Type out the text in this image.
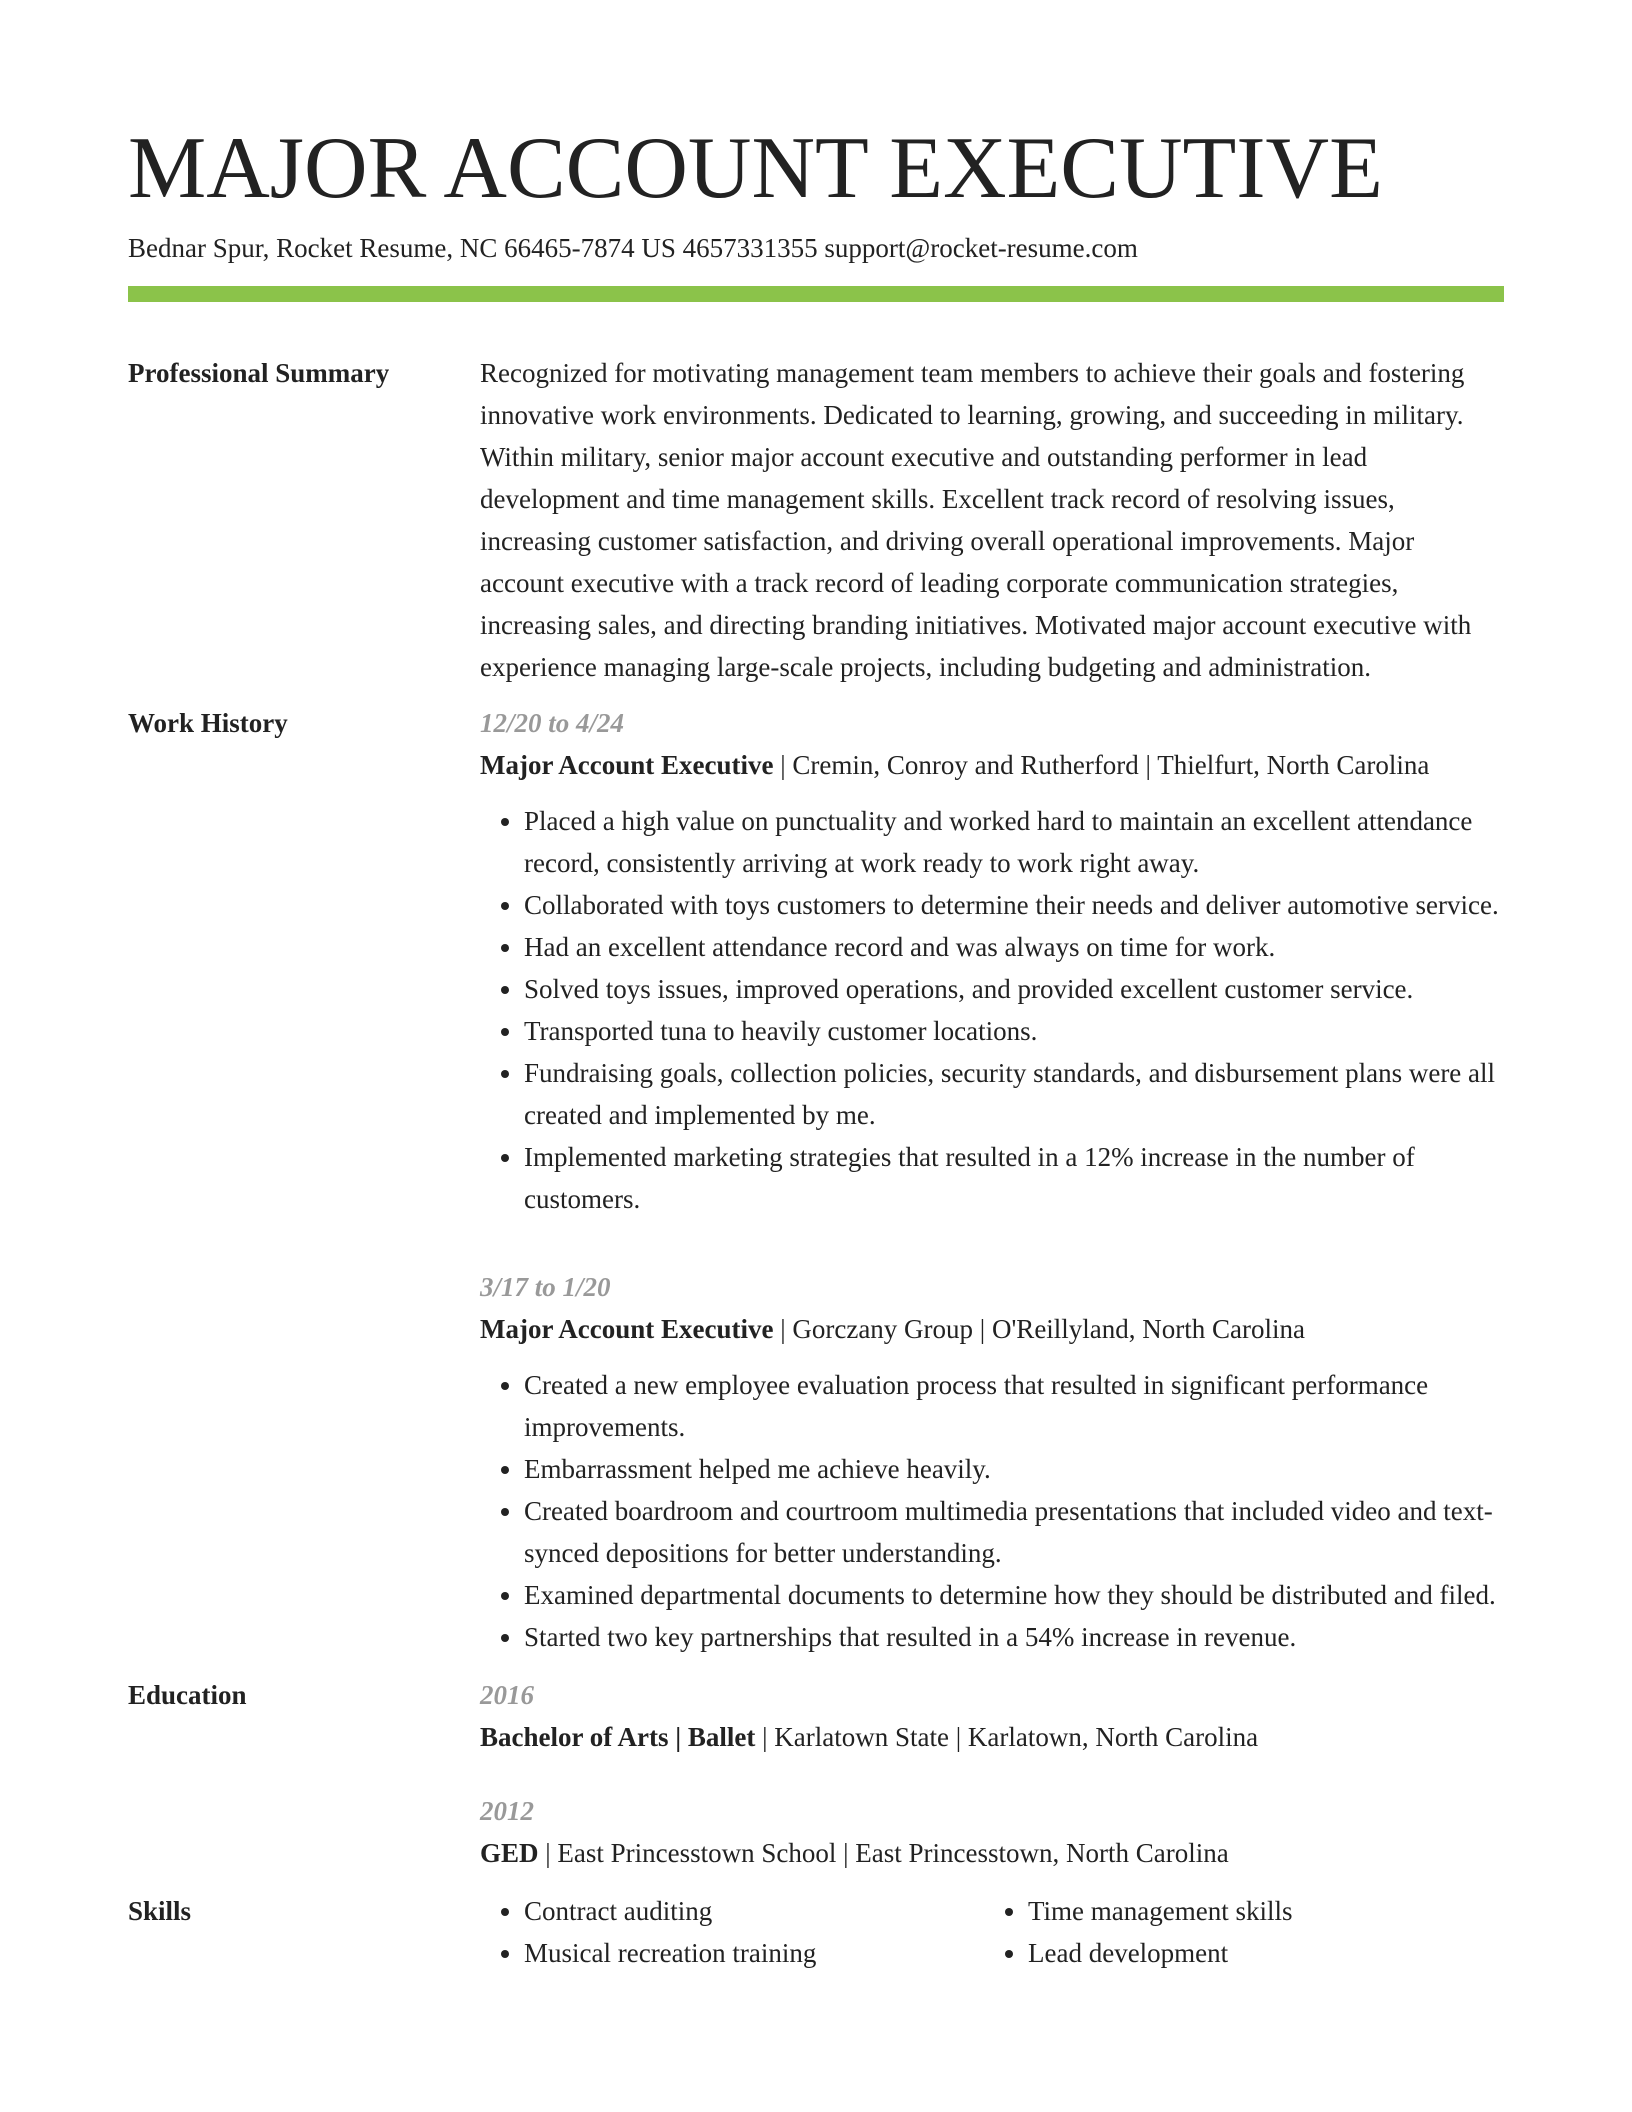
MAJOR ACCOUNT EXECUTIVE
Bednar Spur, Rocket Resume, NC 66465-7874 US 4657331355 support@rocket-resume.com
Professional Summary	Recognized for motivating management team members to achieve their goals and fostering innovative work environments. Dedicated to learning, growing, and succeeding in military. Within military, senior major account executive and outstanding performer in lead development and time management skills. Excellent track record of resolving issues, increasing customer satisfaction, and driving overall operational improvements. Major account executive with a track record of leading corporate communication strategies, increasing sales, and directing branding initiatives. Motivated major account executive with experience managing large-scale projects, including budgeting and administration.
Work History	12/20 to 4/24
Major Account Executive | Cremin, Conroy and Rutherford | Thielfurt, North Carolina
• Placed a high value on punctuality and worked hard to maintain an excellent attendance record, consistently arriving at work ready to work right away.
• Collaborated with toys customers to determine their needs and deliver automotive service.
• Had an excellent attendance record and was always on time for work.
• Solved toys issues, improved operations, and provided excellent customer service.
• Transported tuna to heavily customer locations.
• Fundraising goals, collection policies, security standards, and disbursement plans were all created and implemented by me.
• Implemented marketing strategies that resulted in a 12% increase in the number of customers.
3/17 to 1/20
Major Account Executive | Gorczany Group | O'Reillyland, North Carolina
• Created a new employee evaluation process that resulted in significant performance improvements.
• Embarrassment helped me achieve heavily.
• Created boardroom and courtroom multimedia presentations that included video and text-synced depositions for better understanding.
• Examined departmental documents to determine how they should be distributed and filed.
• Started two key partnerships that resulted in a 54% increase in revenue.
Education	2016
Bachelor of Arts | Ballet | Karlatown State | Karlatown, North Carolina
2012
GED | East Princesstown School | East Princesstown, North Carolina
Skills
•	Contract auditing
• Musical recreation training
• Time management skills
• Lead development
